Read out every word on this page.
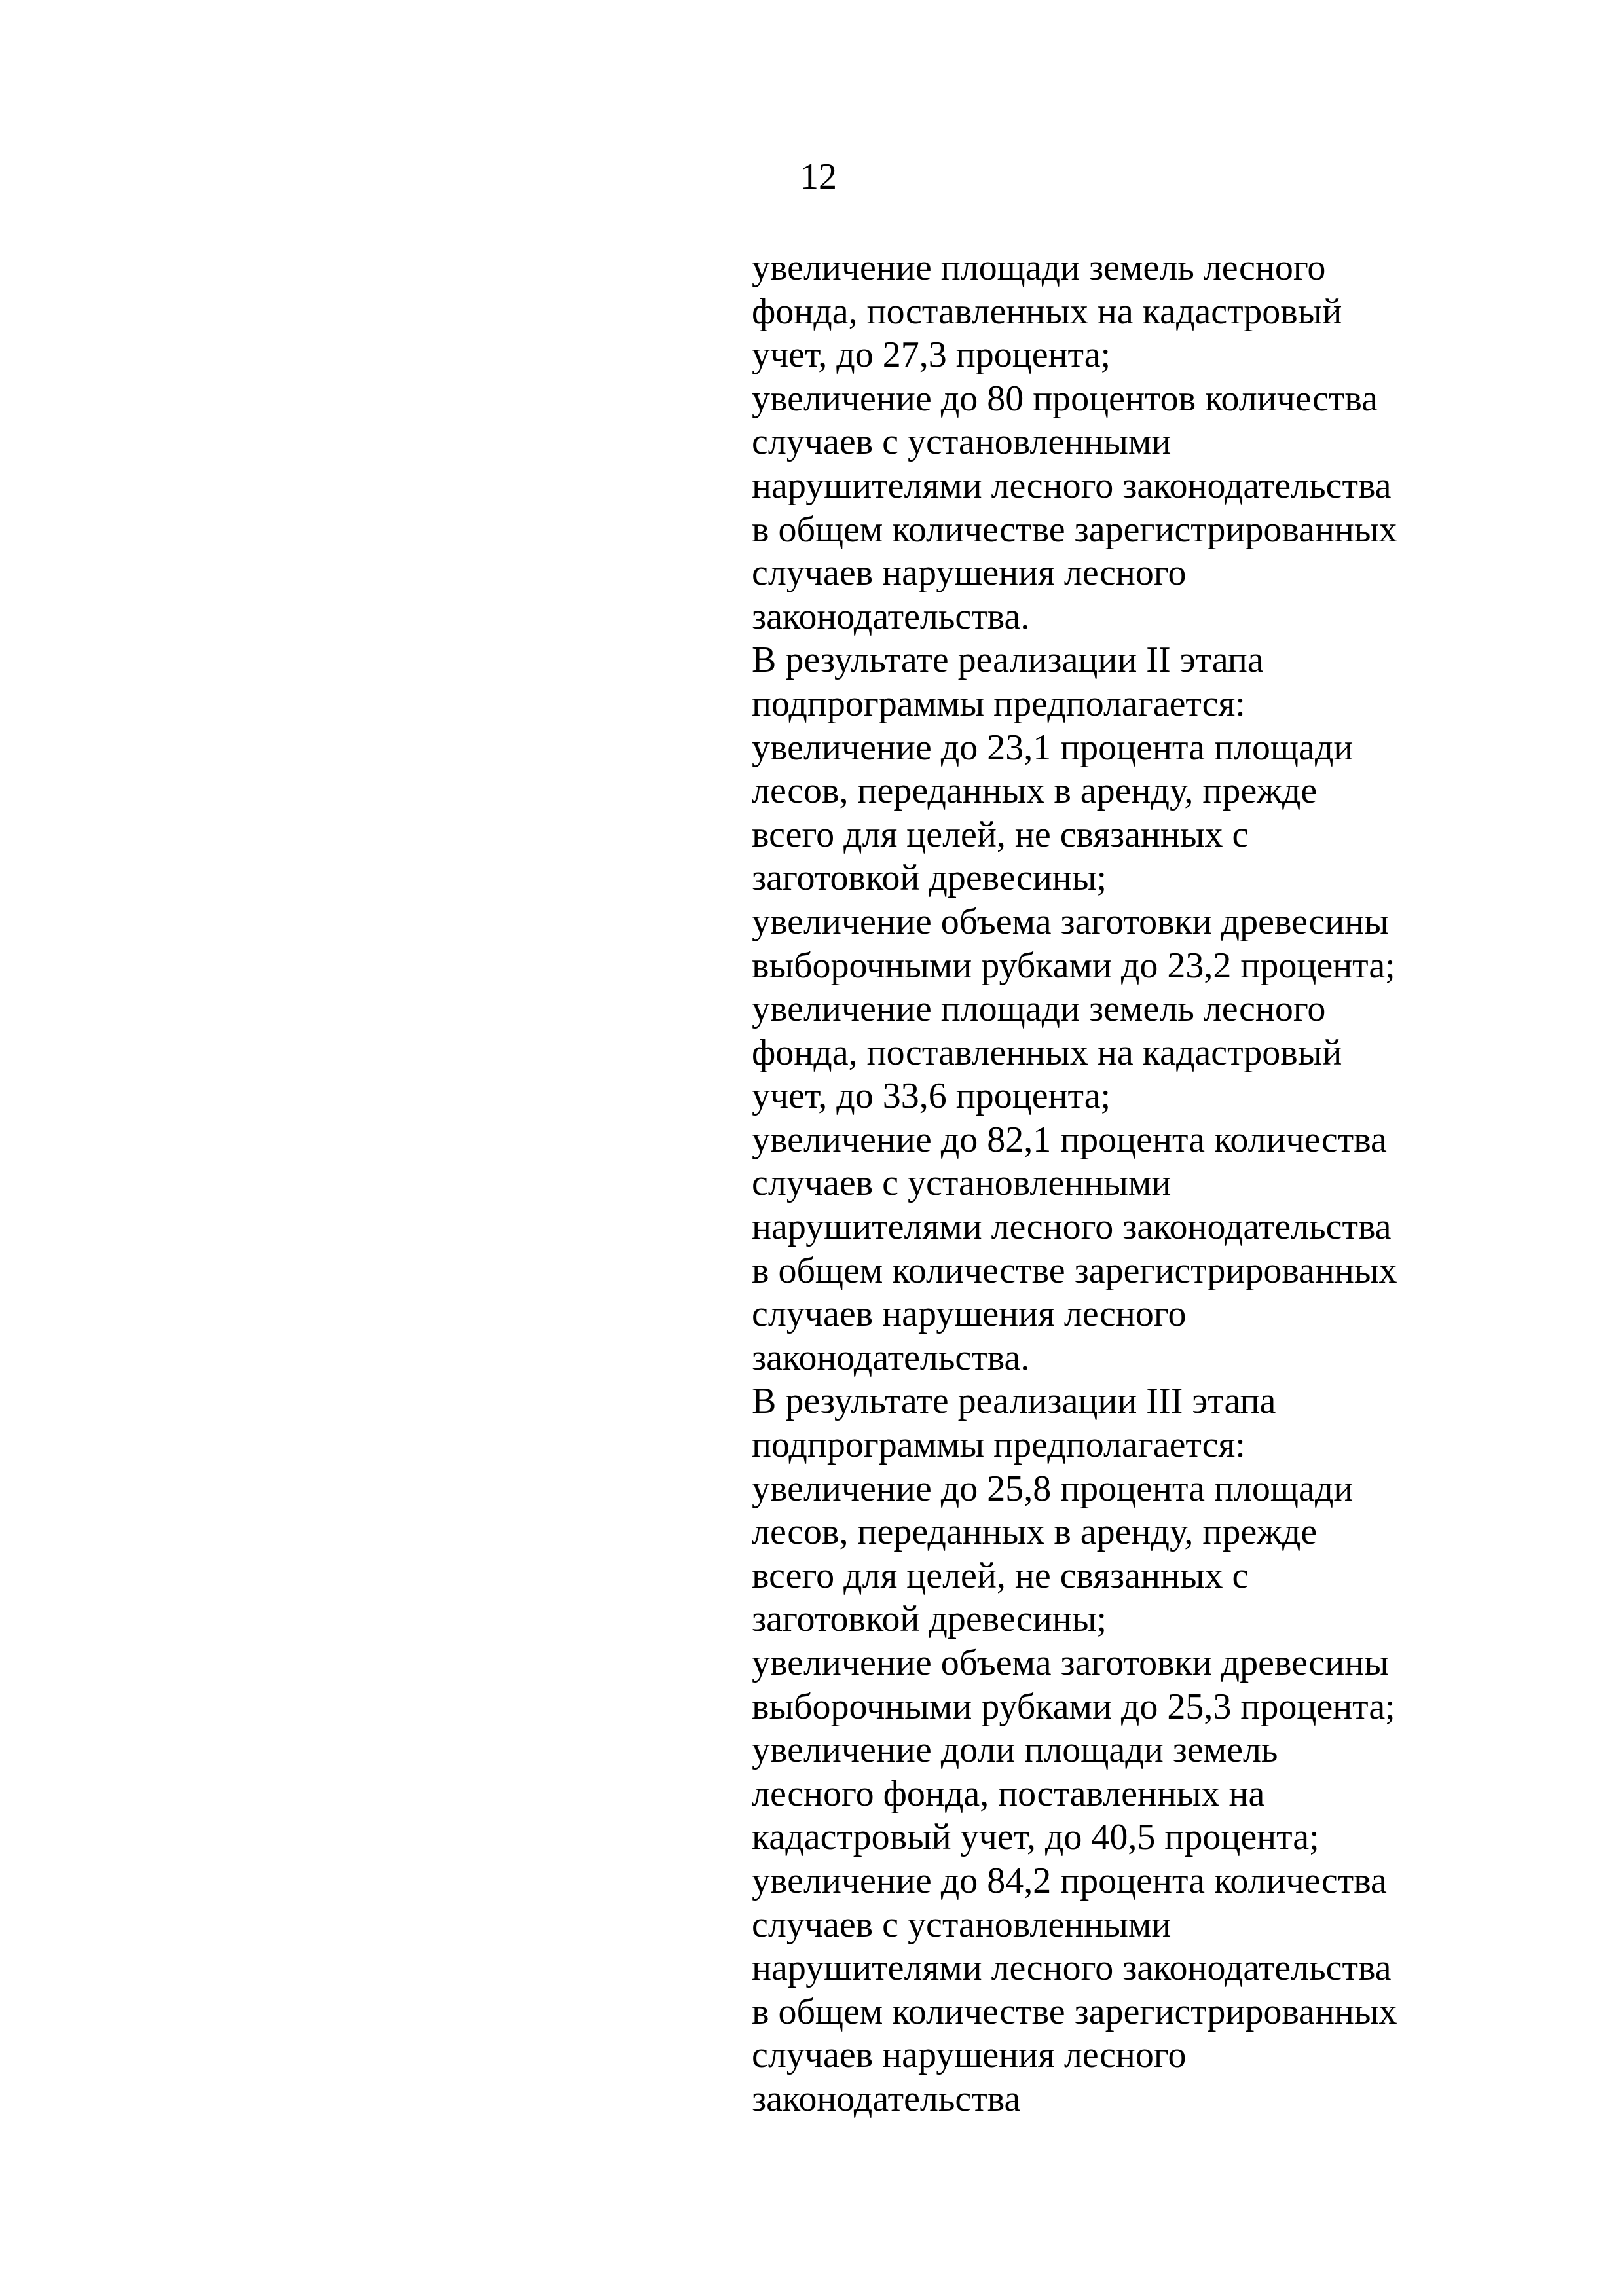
12

увеличение площади земель лесного
фонда, поставленных на кадастровый
учет, до 27,3 процента;
увеличение до 80 процентов количества
случаев с установленными
нарушителями лесного законодательства
в общем количестве зарегистрированных
случаев нарушения лесного
законодательства.
В результате реализации II этапа
подпрограммы предполагается:
увеличение до 23,1 процента площади
лесов, переданных в аренду, прежде
всего для целей, не связанных с
заготовкой древесины;
увеличение объема заготовки древесины
выборочными рубками до 23,2 процента;
увеличение площади земель лесного
фонда, поставленных на кадастровый
учет, до 33,6 процента;
увеличение до 82,1 процента количества
случаев с установленными
нарушителями лесного законодательства
в общем количестве зарегистрированных
случаев нарушения лесного
законодательства.
В результате реализации III этапа
подпрограммы предполагается:
увеличение до 25,8 процента площади
лесов, переданных в аренду, прежде
всего для целей, не связанных с
заготовкой древесины;
увеличение объема заготовки древесины
выборочными рубками до 25,3 процента;
увеличение доли площади земель
лесного фонда, поставленных на
кадастровый учет, до 40,5 процента;
увеличение до 84,2 процента количества
случаев с установленными
нарушителями лесного законодательства
в общем количестве зарегистрированных
случаев нарушения лесного
законодательства
